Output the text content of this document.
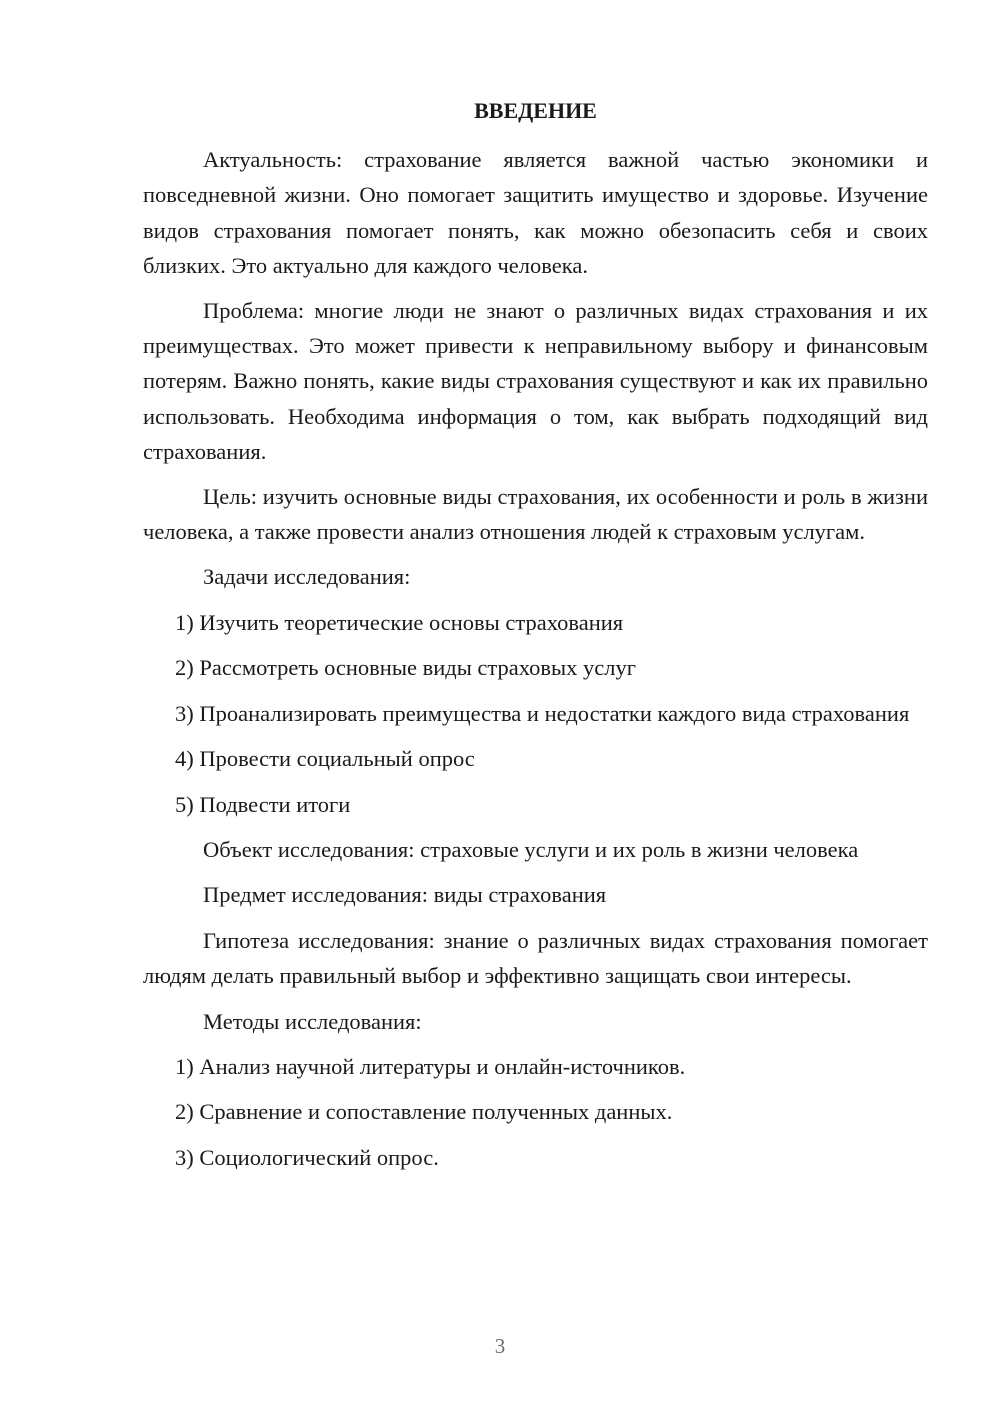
ВВЕДЕНИЕ

Актуальность: страхование является важной частью экономики и повседневной жизни. Оно помогает защитить имущество и здоровье. Изучение видов страхования помогает понять, как можно обезопасить себя и своих близких. Это актуально для каждого человека.

Проблема: многие люди не знают о различных видах страхования и их преимуществах. Это может привести к неправильному выбору и финансовым потерям. Важно понять, какие виды страхования существуют и как их правильно использовать. Необходима информация о том, как выбрать подходящий вид страхования.

Цель: изучить основные виды страхования, их особенности и роль в жизни человека, а также провести анализ отношения людей к страховым услугам.

Задачи исследования:

1) Изучить теоретические основы страхования

2) Рассмотреть основные виды страховых услуг

3) Проанализировать преимущества и недостатки каждого вида страхования

4) Провести социальный опрос

5) Подвести итоги

Объект исследования: страховые услуги и их роль в жизни человека

Предмет исследования: виды страхования

Гипотеза исследования: знание о различных видах страхования помогает людям делать правильный выбор и эффективно защищать свои интересы.

Методы исследования:

1) Анализ научной литературы и онлайн-источников.

2) Сравнение и сопоставление полученных данных.

3) Социологический опрос.

3
